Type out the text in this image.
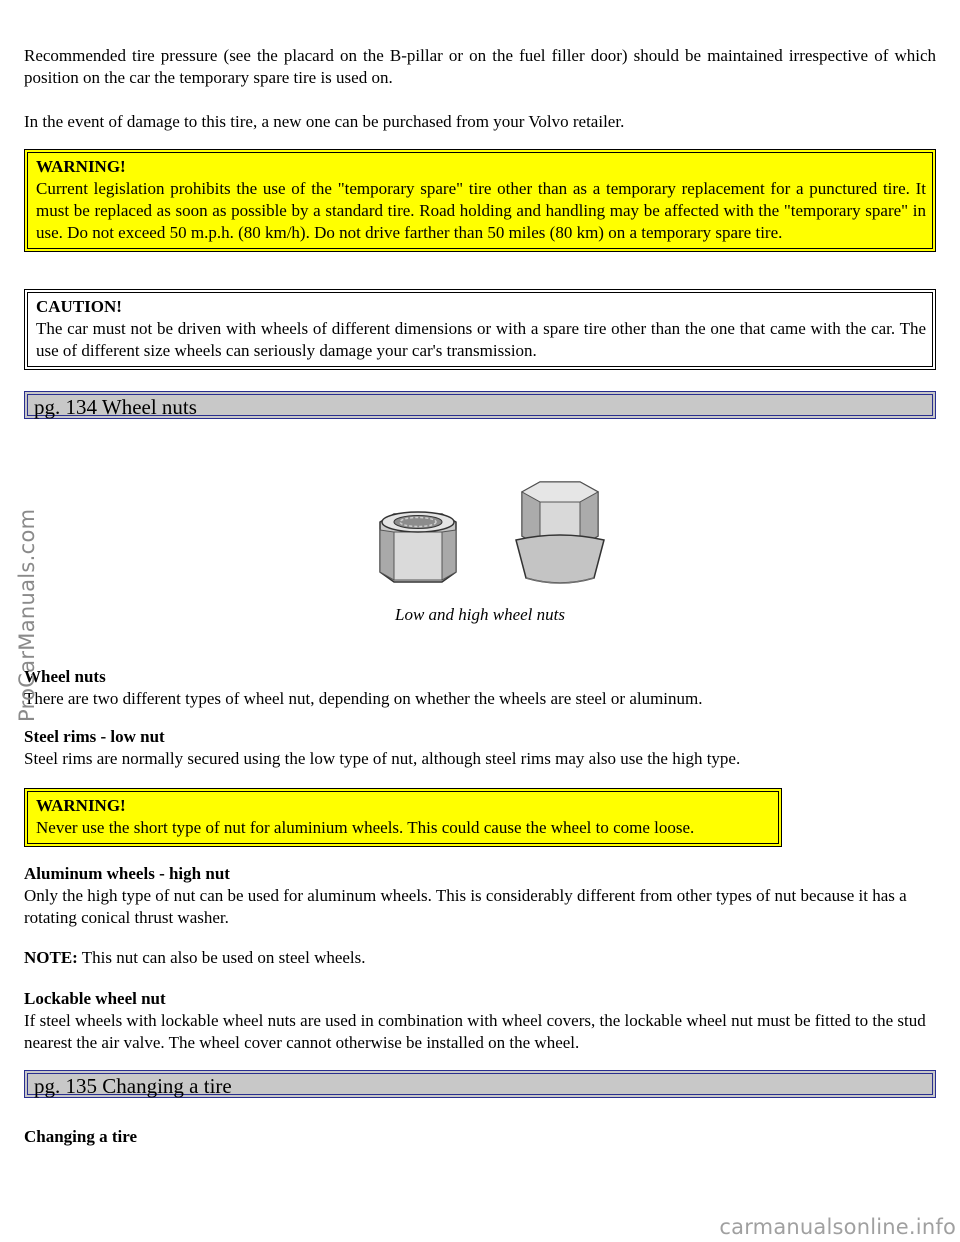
Recommended tire pressure (see the placard on the B-pillar or on the fuel filler door) should be maintained irrespective of which position on the car the temporary spare tire is used on.

In the event of damage to this tire, a new one can be purchased from your Volvo retailer.

WARNING!
Current legislation prohibits the use of the "temporary spare" tire other than as a temporary replacement for a punctured tire. It must be replaced as soon as possible by a standard tire. Road holding and handling may be affected with the "temporary spare" in use. Do not exceed 50 m.p.h. (80 km/h). Do not drive farther than 50 miles (80 km) on a temporary spare tire.
CAUTION!
The car must not be driven with wheels of different dimensions or with a spare tire other than the one that came with the car. The use of different size wheels can seriously damage your car's transmission.
pg. 134 Wheel nuts

Low and high wheel nuts

Wheel nuts
There are two different types of wheel nut, depending on whether the wheels are steel or aluminum.
Steel rims - low nut
Steel rims are normally secured using the low type of nut, although steel rims may also use the high type.
WARNING!
Never use the short type of nut for aluminium wheels. This could cause the wheel to come loose.
Aluminum wheels - high nut
Only the high type of nut can be used for aluminum wheels. This is considerably different from other types of nut because it has a rotating conical thrust washer.

NOTE: This nut can also be used on steel wheels.

Lockable wheel nut
If steel wheels with lockable wheel nuts are used in combination with wheel covers, the lockable wheel nut must be fitted to the stud nearest the air valve. The wheel cover cannot otherwise be installed on the wheel.
pg. 135 Changing a tire
Changing a tire
ProCarManuals.com
carmanualsonline.info
